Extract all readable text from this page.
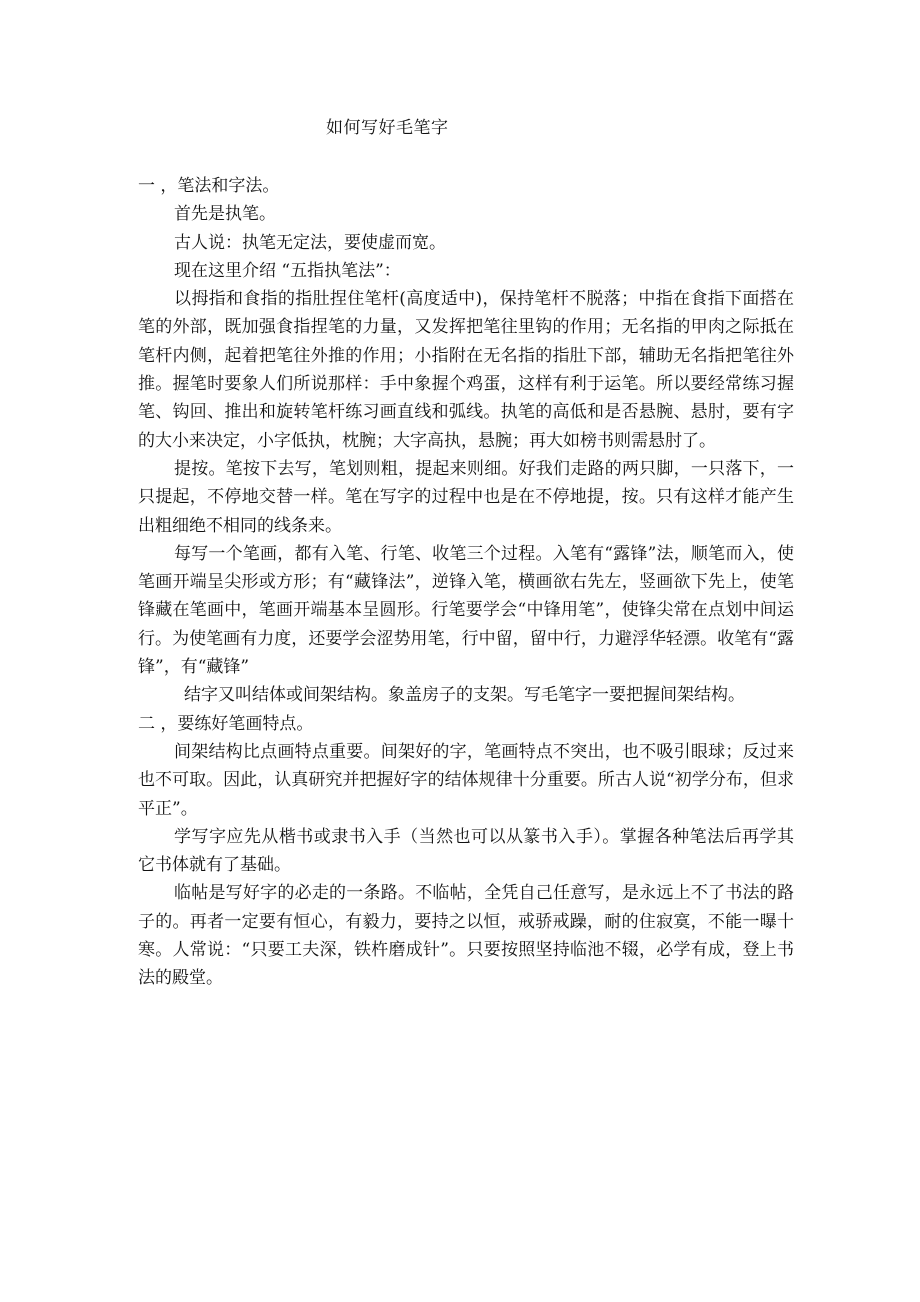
如何写好毛笔字

一 ，笔法和字法。

首先是执笔。

古人说：执笔无定法，要使虚而宽。

现在这里介绍 “五指执笔法”：

以拇指和食指的指肚捏住笔杆(高度适中)，保持笔杆不脱落；中指在食指下面搭在笔的外部，既加强食指捏笔的力量，又发挥把笔往里钩的作用；无名指的甲肉之际抵在笔杆内侧，起着把笔往外推的作用；小指附在无名指的指肚下部，辅助无名指把笔往外推。握笔时要象人们所说那样：手中象握个鸡蛋，这样有利于运笔。所以要经常练习握笔、钩回、推出和旋转笔杆练习画直线和弧线。执笔的高低和是否悬腕、悬肘，要有字的大小来决定，小字低执，枕腕；大字高执，悬腕；再大如榜书则需悬肘了。

提按。笔按下去写，笔划则粗，提起来则细。好我们走路的两只脚，一只落下，一只提起，不停地交替一样。笔在写字的过程中也是在不停地提，按。只有这样才能产生出粗细绝不相同的线条来。

每写一个笔画，都有入笔、行笔、收笔三个过程。入笔有“露锋”法，顺笔而入，使笔画开端呈尖形或方形；有“藏锋法”，逆锋入笔，横画欲右先左，竖画欲下先上，使笔锋藏在笔画中，笔画开端基本呈圆形。行笔要学会“中锋用笔”，使锋尖常在点划中间运行。为使笔画有力度，还要学会涩势用笔，行中留，留中行，力避浮华轻漂。收笔有“露锋”，有“藏锋”

结字又叫结体或间架结构。象盖房子的支架。写毛笔字一要把握间架结构。

二 ，要练好笔画特点。

间架结构比点画特点重要。间架好的字，笔画特点不突出，也不吸引眼球；反过来也不可取。因此，认真研究并把握好字的结体规律十分重要。所古人说“初学分布，但求平正”。

学写字应先从楷书或隶书入手（当然也可以从篆书入手）。掌握各种笔法后再学其它书体就有了基础。

临帖是写好字的必走的一条路。不临帖，全凭自己任意写，是永远上不了书法的路子的。再者一定要有恒心，有毅力，要持之以恒，戒骄戒躁，耐的住寂寞，不能一曝十寒。人常说：“只要工夫深，铁杵磨成针”。只要按照坚持临池不辍，必学有成，登上书法的殿堂。
